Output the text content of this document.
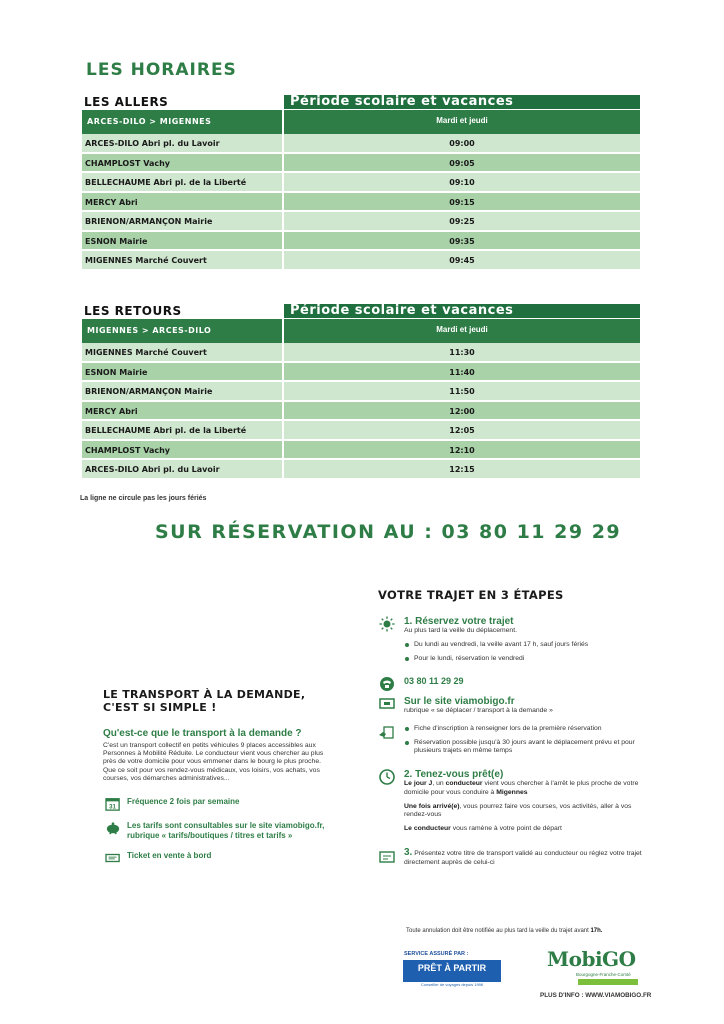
LES HORAIRES
LES ALLERS	Période scolaire et vacances
ARCES-DILO > MIGENNES	Mardi et jeudi
ARCES-DILO Abri pl. du Lavoir	09:00
CHAMPLOST Vachy	09:05
BELLECHAUME Abri pl. de la Liberté	09:10
MERCY Abri	09:15
BRIENON/ARMANÇON Mairie	09:25
ESNON Mairie	09:35
MIGENNES Marché Couvert	09:45
LES RETOURS	Période scolaire et vacances
MIGENNES > ARCES-DILO	Mardi et jeudi
MIGENNES Marché Couvert	11:30
ESNON Mairie	11:40
BRIENON/ARMANÇON Mairie	11:50
MERCY Abri	12:00
BELLECHAUME Abri pl. de la Liberté	12:05
CHAMPLOST Vachy	12:10
ARCES-DILO Abri pl. du Lavoir	12:15
La ligne ne circule pas les jours fériés
SUR RÉSERVATION AU : 03 80 11 29 29
LE TRANSPORT À LA DEMANDE,
C'EST SI SIMPLE !
Qu'est-ce que le transport à la demande ?
C'est un transport collectif en petits véhicules 9 places accessibles aux Personnes à Mobilité Réduite. Le conducteur vient vous chercher au plus près de votre domicile pour vous emmener dans le bourg le plus proche. Que ce soit pour vos rendez-vous médicaux, vos loisirs, vos achats, vos courses, vos démarches administratives...
31
Fréquence 2 fois par semaine
Les tarifs sont consultables sur le site viamobigo.fr, rubrique « tarifs/boutiques / titres et tarifs »
Ticket en vente à bord
VOTRE TRAJET EN 3 ÉTAPES
1. Réservez votre trajet
Au plus tard la veille du déplacement.
Du lundi au vendredi, la veille avant 17 h, sauf jours fériés
Pour le lundi, réservation le vendredi
03 80 11 29 29
Sur le site viamobigo.fr
rubrique « se déplacer / transport à la demande »
Fiche d'inscription à renseigner lors de la première réservation
Réservation possible jusqu'à 30 jours avant le déplacement prévu et pour plusieurs trajets en même temps
2. Tenez-vous prêt(e)
Le jour J, un conducteur vient vous chercher à l'arrêt le plus proche de votre domicile pour vous conduire à Migennes
Une fois arrivé(e), vous pourrez faire vos courses, vos activités, aller à vos rendez-vous
Le conducteur vous ramène à votre point de départ
3. Présentez votre titre de transport validé au conducteur ou réglez votre trajet directement auprès de celui-ci
Toute annulation doit être notifiée au plus tard la veille du trajet avant 17h.
SERVICE ASSURÉ PAR :
PRÊT À PARTIR
Conseiller de voyages depuis 1996
MobiGO
Bourgogne-Franche-Comté
PLUS D'INFO : WWW.VIAMOBIGO.FR
